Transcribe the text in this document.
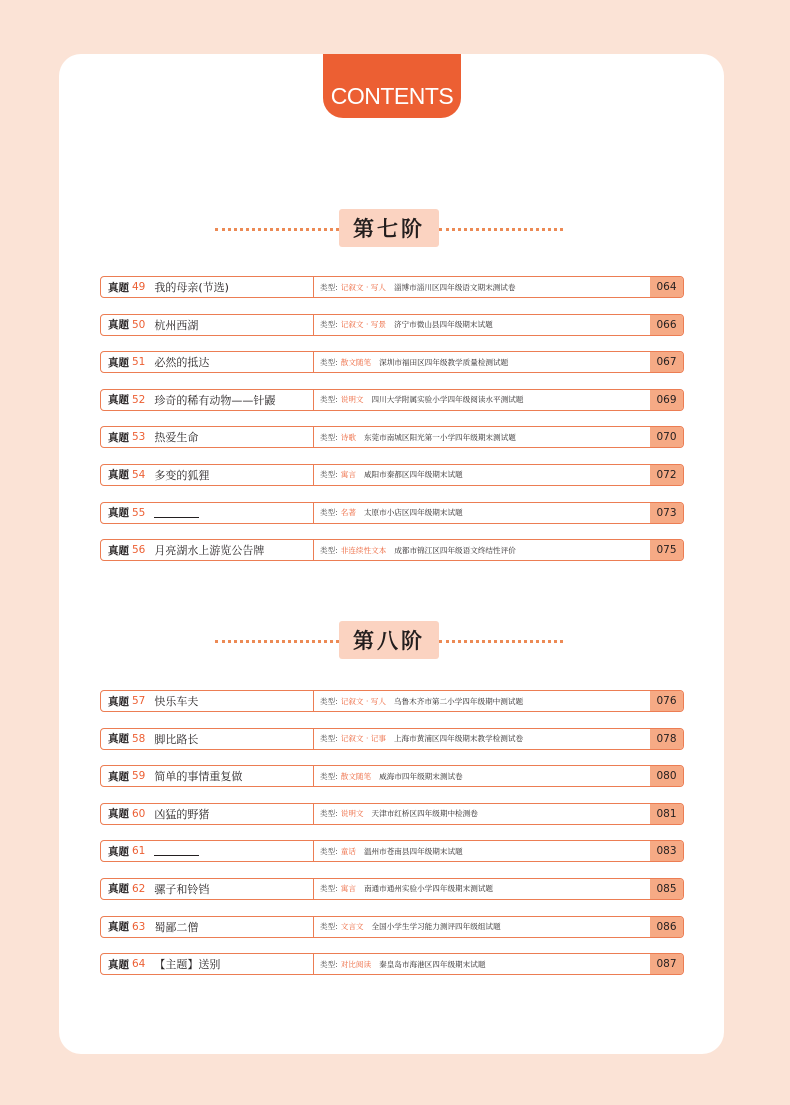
CONTENTS
第七阶
真题 49 我的母亲(节选)	类型: 记叙文 · 写人 淄博市淄川区四年级语文期末测试卷	064
真题 50 杭州西湖	类型: 记叙文 · 写景 济宁市微山县四年级期末试题	066
真题 51 必然的抵达	类型: 散文随笔 深圳市福田区四年级教学质量检测试题	067
真题 52 珍奇的稀有动物——针鼹	类型: 说明文 四川大学附属实验小学四年级阅读水平测试题	069
真题 53 热爱生命	类型: 诗歌 东莞市南城区阳光第一小学四年级期末测试题	070
真题 54 多变的狐狸	类型: 寓言 咸阳市秦都区四年级期末试题	072
真题 55	类型: 名著 太原市小店区四年级期末试题	073
真题 56 月亮湖水上游览公告牌	类型: 非连续性文本 成都市锦江区四年级语文终结性评价	075
第八阶
真题 57 快乐车夫	类型: 记叙文 · 写人 乌鲁木齐市第二小学四年级期中测试题	076
真题 58 脚比路长	类型: 记叙文 · 记事 上海市黄浦区四年级期末教学检测试卷	078
真题 59 简单的事情重复做	类型: 散文随笔 威海市四年级期末测试卷	080
真题 60 凶猛的野猪	类型: 说明文 天津市红桥区四年级期中检测卷	081
真题 61	类型: 童话 温州市苍南县四年级期末试题	083
真题 62 骡子和铃铛	类型: 寓言 南通市通州实验小学四年级期末测试题	085
真题 63 蜀鄙二僧	类型: 文言文 全国小学生学习能力测评四年级组试题	086
真题 64 【主题】送别	类型: 对比阅读 秦皇岛市海港区四年级期末试题	087
